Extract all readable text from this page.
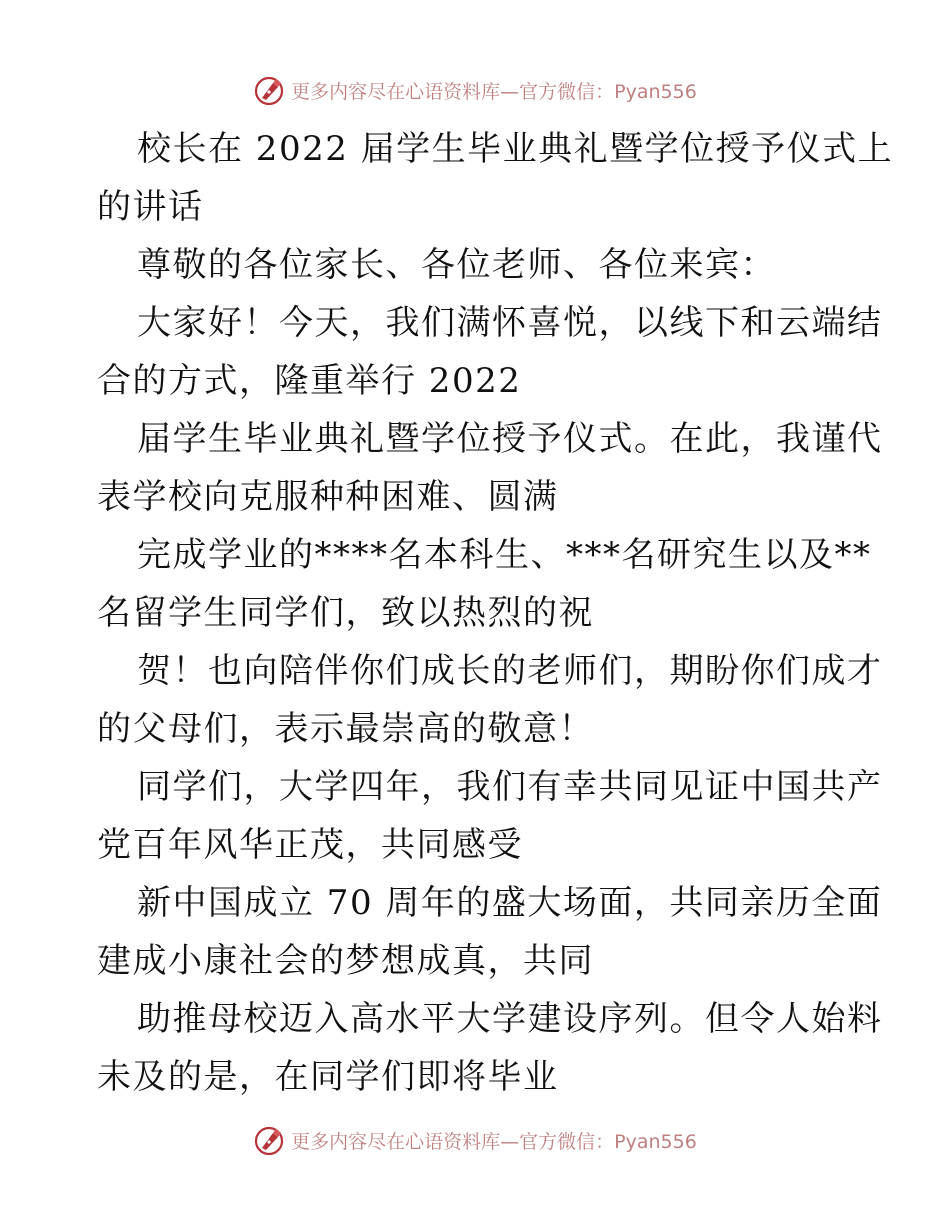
更多内容尽在心语资料库—官方微信：Pyan556

校长在 2022 届学生毕业典礼暨学位授予仪式上
的讲话

尊敬的各位家长、各位老师、各位来宾：

大家好！今天，我们满怀喜悦，以线下和云端结
合的方式，隆重举行 2022

届学生毕业典礼暨学位授予仪式。在此，我谨代
表学校向克服种种困难、圆满

完成学业的****名本科生、***名研究生以及**
名留学生同学们，致以热烈的祝

贺！也向陪伴你们成长的老师们，期盼你们成才
的父母们，表示最崇高的敬意！

同学们，大学四年，我们有幸共同见证中国共产
党百年风华正茂，共同感受

新中国成立 70 周年的盛大场面，共同亲历全面
建成小康社会的梦想成真，共同

助推母校迈入高水平大学建设序列。但令人始料
未及的是，在同学们即将毕业

更多内容尽在心语资料库—官方微信：Pyan556
